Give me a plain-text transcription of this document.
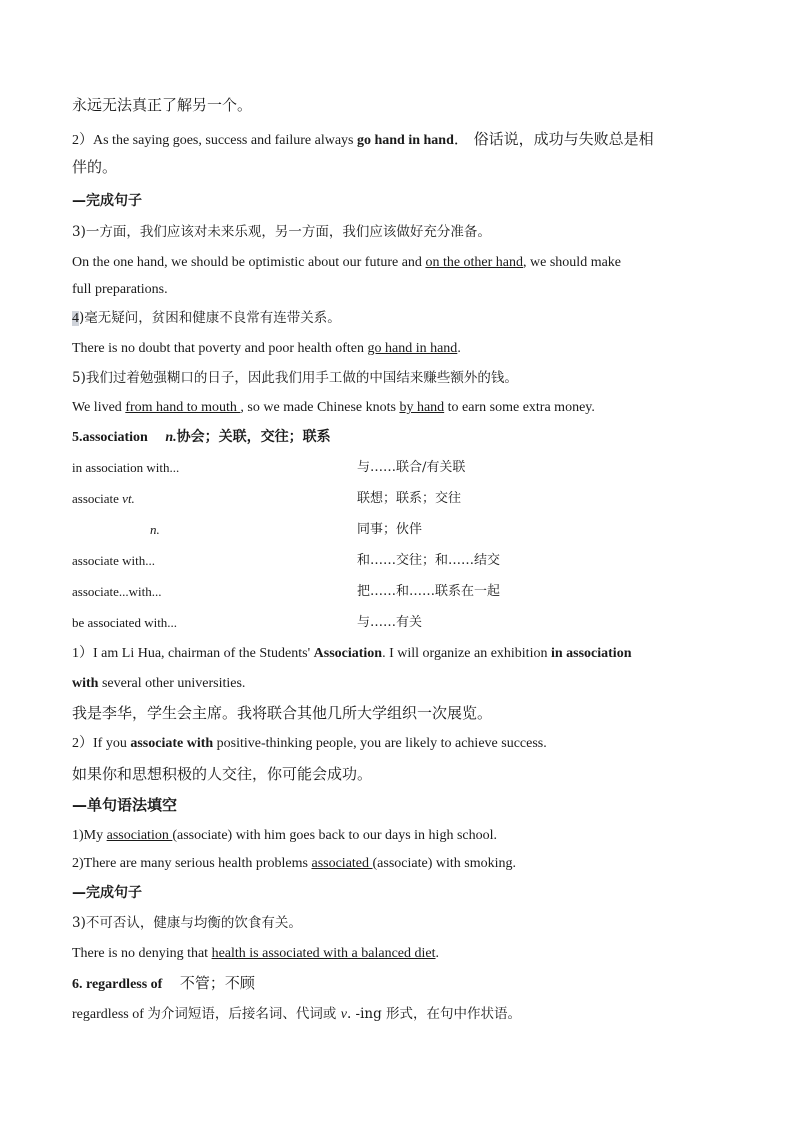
永远无法真正了解另一个。
2）As the saying goes, success and failure always go hand in hand． 俗话说，成功与失败总是相
伴的。
—完成句子
3)一方面，我们应该对未来乐观，另一方面，我们应该做好充分准备。
On the one hand, we should be optimistic about our future and on the other hand, we should make
full preparations.
4)毫无疑问，贫困和健康不良常有连带关系。
There is no doubt that poverty and poor health often go hand in hand.
5)我们过着勉强糊口的日子，因此我们用手工做的中国结来赚些额外的钱。
We lived from hand to mouth , so we made Chinese knots by hand to earn some extra money.
5.association n.协会；关联，交往；联系
in association with...	与……联合/有关联
associate vt.	联想；联系；交往
n.	同事；伙伴
associate with...	和……交往；和……结交
associate...with...	把……和……联系在一起
be associated with...	与……有关
1）I am Li Hua, chairman of the Students' Association. I will organize an exhibition in association
with several other universities.
我是李华，学生会主席。我将联合其他几所大学组织一次展览。
2）If you associate with positive-thinking people, you are likely to achieve success.
如果你和思想积极的人交往，你可能会成功。
—单句语法填空
1)My association (associate) with him goes back to our days in high school.
2)There are many serious health problems associated (associate) with smoking.
—完成句子
3)不可否认，健康与均衡的饮食有关。
There is no denying that health is associated with a balanced diet.
6. regardless of 不管；不顾
regardless of 为介词短语，后接名词、代词或 v. -ing 形式，在句中作状语。
